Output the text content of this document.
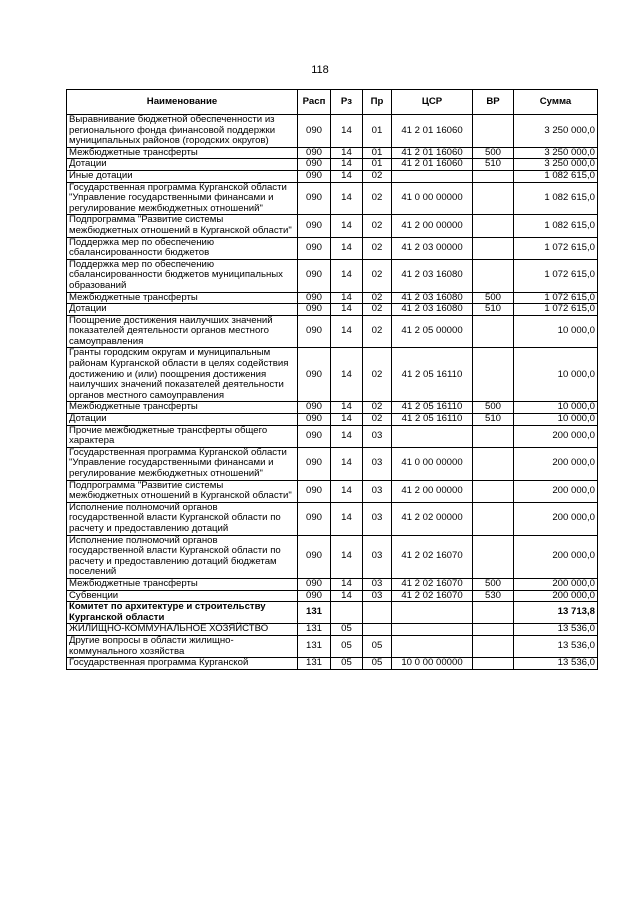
118
Наименование	Расп	Рз	Пр	ЦСР	ВР	Сумма
Выравнивание бюджетной обеспеченности из регионального фонда финансовой поддержки муниципальных районов (городских округов)	090	14	01	41 2 01 16060		3 250 000,0
Межбюджетные трансферты	090	14	01	41 2 01 16060	500	3 250 000,0
Дотации	090	14	01	41 2 01 16060	510	3 250 000,0
Иные дотации	090	14	02			1 082 615,0
Государственная программа Курганской области "Управление государственными финансами и регулирование межбюджетных отношений"	090	14	02	41 0 00 00000		1 082 615,0
Подпрограмма "Развитие системы межбюджетных отношений в Курганской области"	090	14	02	41 2 00 00000		1 082 615,0
Поддержка мер по обеспечению сбалансированности бюджетов	090	14	02	41 2 03 00000		1 072 615,0
Поддержка мер по обеспечению сбалансированности бюджетов муниципальных образований	090	14	02	41 2 03 16080		1 072 615,0
Межбюджетные трансферты	090	14	02	41 2 03 16080	500	1 072 615,0
Дотации	090	14	02	41 2 03 16080	510	1 072 615,0
Поощрение достижения наилучших значений показателей деятельности органов местного самоуправления	090	14	02	41 2 05 00000		10 000,0
Гранты городским округам и муниципальным районам Курганской области в целях содействия достижению и (или) поощрения достижения наилучших значений показателей деятельности органов местного самоуправления	090	14	02	41 2 05 16110		10 000,0
Межбюджетные трансферты	090	14	02	41 2 05 16110	500	10 000,0
Дотации	090	14	02	41 2 05 16110	510	10 000,0
Прочие межбюджетные трансферты общего характера	090	14	03			200 000,0
Государственная программа Курганской области "Управление государственными финансами и регулирование межбюджетных отношений"	090	14	03	41 0 00 00000		200 000,0
Подпрограмма "Развитие системы межбюджетных отношений в Курганской области"	090	14	03	41 2 00 00000		200 000,0
Исполнение полномочий органов государственной власти Курганской области по расчету и предоставлению дотаций	090	14	03	41 2 02 00000		200 000,0
Исполнение полномочий органов государственной власти Курганской области по расчету и предоставлению дотаций бюджетам поселений	090	14	03	41 2 02 16070		200 000,0
Межбюджетные трансферты	090	14	03	41 2 02 16070	500	200 000,0
Субвенции	090	14	03	41 2 02 16070	530	200 000,0
Комитет по архитектуре и строительству Курганской области	131					13 713,8
ЖИЛИЩНО-КОММУНАЛЬНОЕ ХОЗЯЙСТВО	131	05				13 536,0
Другие вопросы в области жилищно-коммунального хозяйства	131	05	05			13 536,0
Государственная программа Курганской	131	05	05	10 0 00 00000		13 536,0
